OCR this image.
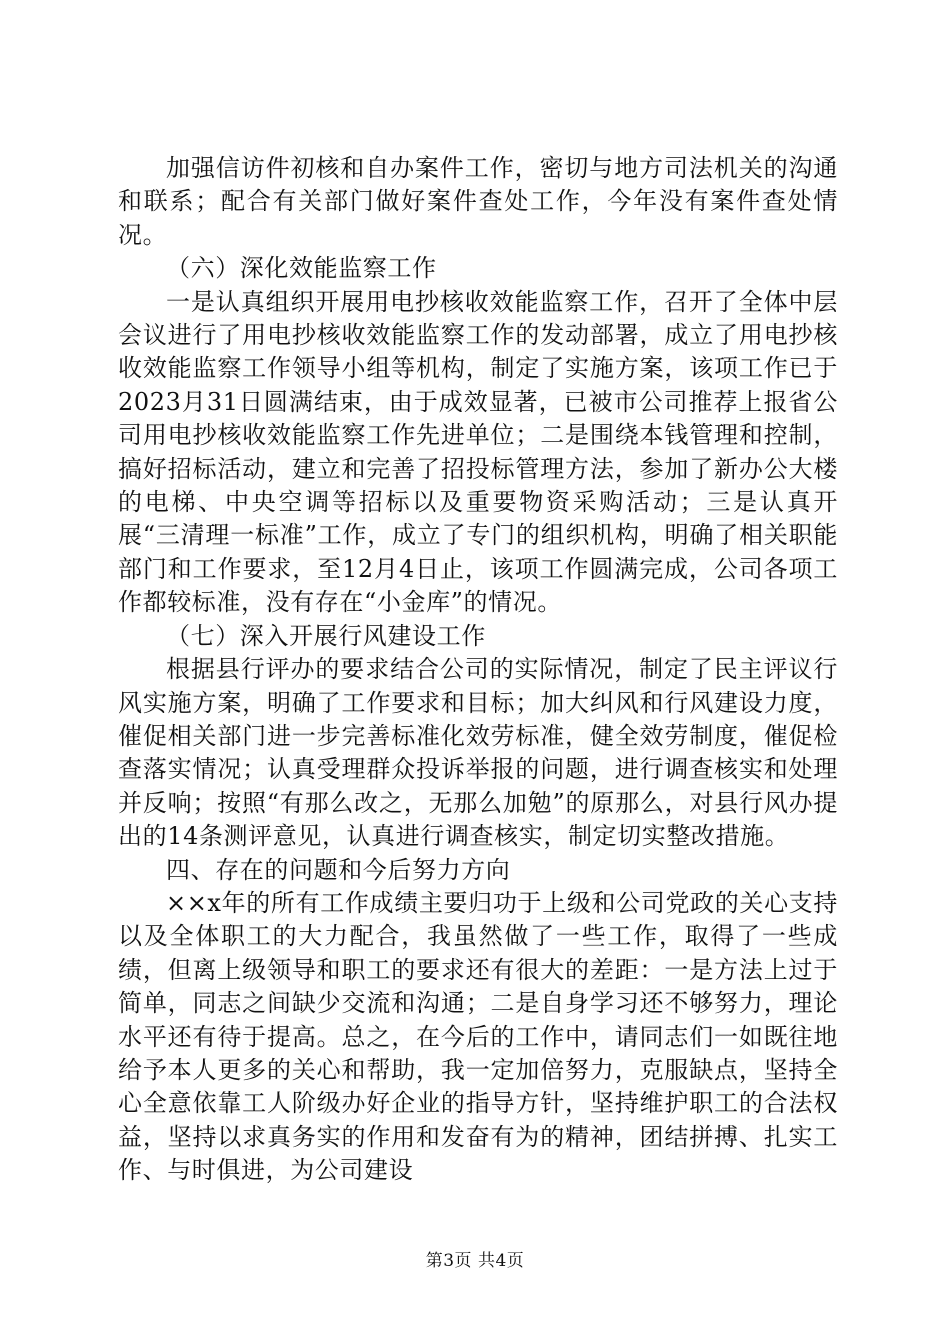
加强信访件初核和自办案件工作，密切与地方司法机关的沟通和联系；配合有关部门做好案件查处工作，今年没有案件查处情况。

（六）深化效能监察工作

一是认真组织开展用电抄核收效能监察工作，召开了全体中层会议进行了用电抄核收效能监察工作的发动部署，成立了用电抄核收效能监察工作领导小组等机构，制定了实施方案，该项工作已于2023月31日圆满结束，由于成效显著，已被市公司推荐上报省公司用电抄核收效能监察工作先进单位；二是围绕本钱管理和控制，搞好招标活动，建立和完善了招投标管理方法，参加了新办公大楼的电梯、中央空调等招标以及重要物资采购活动；三是认真开展“三清理一标准”工作，成立了专门的组织机构，明确了相关职能部门和工作要求，至12月4日止，该项工作圆满完成，公司各项工作都较标准，没有存在“小金库”的情况。

（七）深入开展行风建设工作

根据县行评办的要求结合公司的实际情况，制定了民主评议行风实施方案，明确了工作要求和目标；加大纠风和行风建设力度，催促相关部门进一步完善标准化效劳标准，健全效劳制度，催促检查落实情况；认真受理群众投诉举报的问题，进行调查核实和处理并反响；按照“有那么改之，无那么加勉”的原那么，对县行风办提出的14条测评意见，认真进行调查核实，制定切实整改措施。

四、存在的问题和今后努力方向

××x年的所有工作成绩主要归功于上级和公司党政的关心支持以及全体职工的大力配合，我虽然做了一些工作，取得了一些成绩，但离上级领导和职工的要求还有很大的差距：一是方法上过于简单，同志之间缺少交流和沟通；二是自身学习还不够努力，理论水平还有待于提高。总之，在今后的工作中，请同志们一如既往地给予本人更多的关心和帮助，我一定加倍努力，克服缺点，坚持全心全意依靠工人阶级办好企业的指导方针，坚持维护职工的合法权益，坚持以求真务实的作用和发奋有为的精神，团结拼搏、扎实工作、与时俱进，为公司建设

第3页 共4页
